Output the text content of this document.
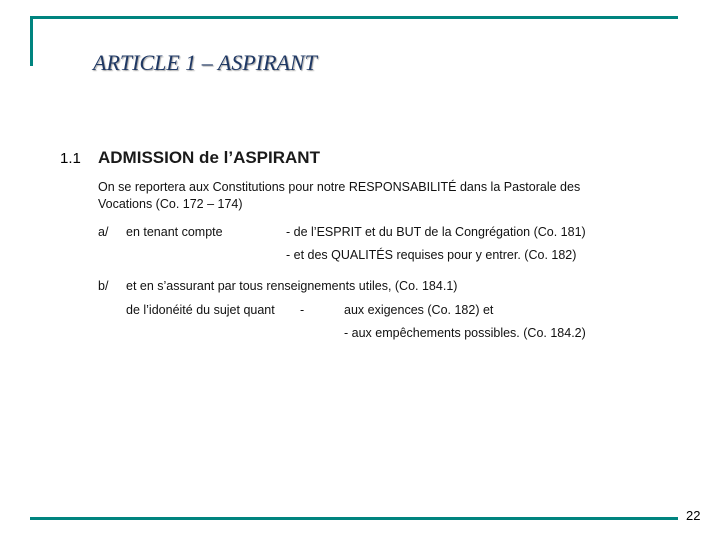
ARTICLE 1 – ASPIRANT
1.1 ADMISSION de l’ASPIRANT
On se reportera aux Constitutions pour notre RESPONSABILITÉ dans la Pastorale des
Vocations (Co. 172 – 174)
a/ en tenant compte	- de l’ESPRIT et du BUT de la Congrégation (Co. 181)
- et des QUALITÉS requises pour y entrer. (Co. 182)
b/ et en s’assurant par tous renseignements utiles, (Co. 184.1)
de l’idonéité du sujet quant -	aux exigences (Co. 182) et
- aux empêchements possibles. (Co. 184.2)
22
